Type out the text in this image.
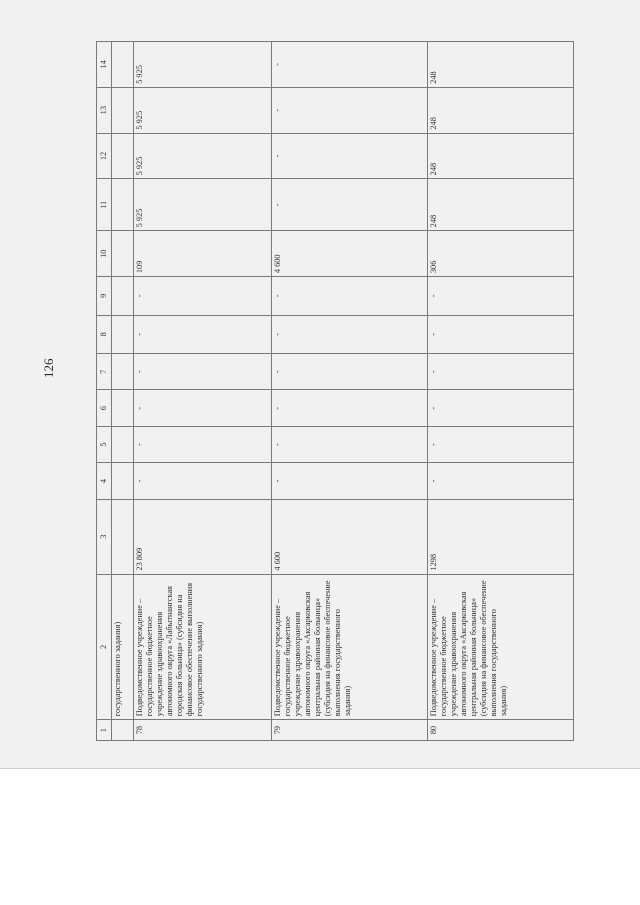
126
1	2	3	4	5	6	7	8	9	10	11	12	13	14
	государственного задания)												
78	Подведомственное учреждение – государственное бюджетное учреждение здравоохранения автономного округа «Лабытнангская городская больница» (субсидия на финансовое обеспечение выполнения государственного задания)	23 809	-	-	-	-	-	-	109	5 925	5 925	5 925	5 925
79	Подведомственное учреждение – государственное бюджетное учреждение здравоохранения автономного округа «Аксарковская центральная районная больница» (субсидия на финансовое обеспечение выполнения государственного задания)	4 600	-	-	-	-	-	-	4 600	-	-	-	-
80	Подведомственное учреждение – государственное бюджетное учреждение здравоохранения автономного округа «Аксарковская центральная районная больница» (субсидия на финансовое обеспечение выполнения государственного задания)	1298	-	-	-	-	-	-	306	248	248	248	248
